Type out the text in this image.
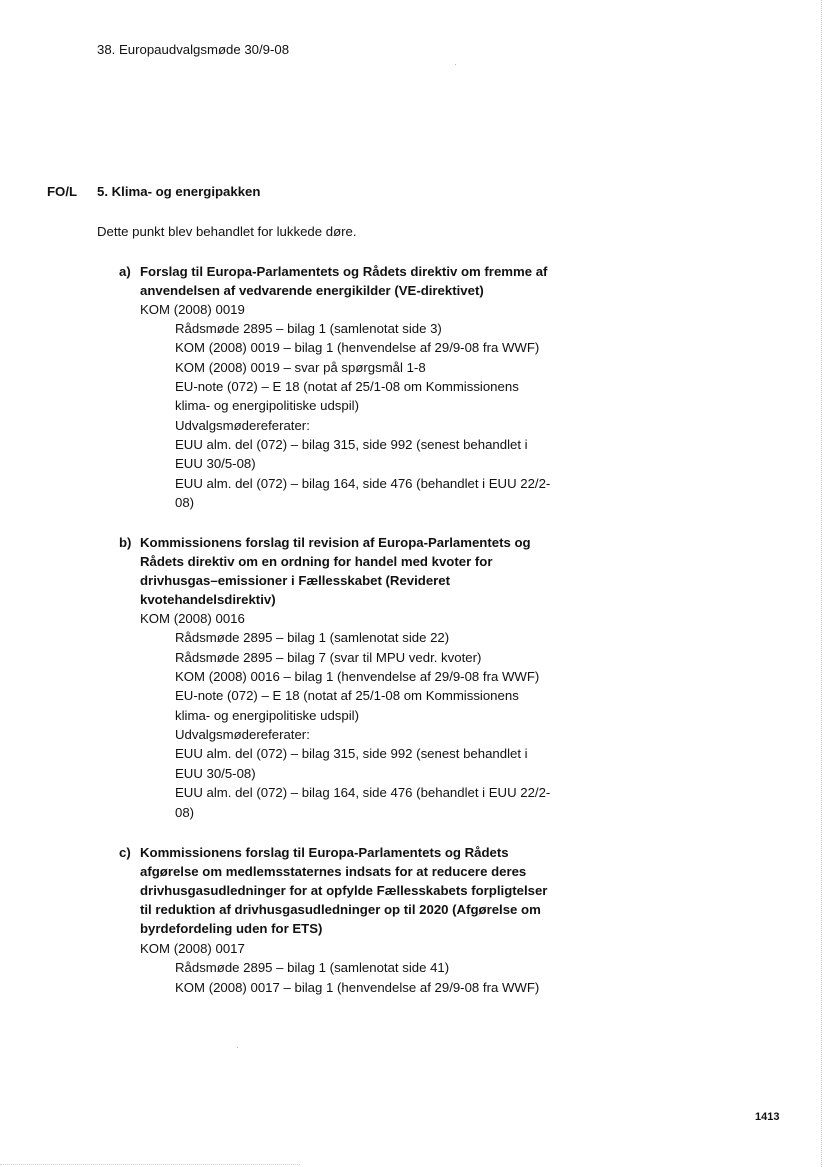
38. Europaudvalgsmøde 30/9-08
FO/L 5. Klima- og energipakken
Dette punkt blev behandlet for lukkede døre.
a) Forslag til Europa-Parlamentets og Rådets direktiv om fremme af
anvendelsen af vedvarende energikilder (VE-direktivet)
KOM (2008) 0019
Rådsmøde 2895 – bilag 1 (samlenotat side 3)
KOM (2008) 0019 – bilag 1 (henvendelse af 29/9-08 fra WWF)
KOM (2008) 0019 – svar på spørgsmål 1-8
EU-note (072) – E 18 (notat af 25/1-08 om Kommissionens
klima- og energipolitiske udspil)
Udvalgsmødereferater:
EUU alm. del (072) – bilag 315, side 992 (senest behandlet i
EUU 30/5-08)
EUU alm. del (072) – bilag 164, side 476 (behandlet i EUU 22/2-
08)
b) Kommissionens forslag til revision af Europa-Parlamentets og
Rådets direktiv om en ordning for handel med kvoter for
drivhusgas–emissioner i Fællesskabet (Revideret
kvotehandelsdirektiv)
KOM (2008) 0016
Rådsmøde 2895 – bilag 1 (samlenotat side 22)
Rådsmøde 2895 – bilag 7 (svar til MPU vedr. kvoter)
KOM (2008) 0016 – bilag 1 (henvendelse af 29/9-08 fra WWF)
EU-note (072) – E 18 (notat af 25/1-08 om Kommissionens
klima- og energipolitiske udspil)
Udvalgsmødereferater:
EUU alm. del (072) – bilag 315, side 992 (senest behandlet i
EUU 30/5-08)
EUU alm. del (072) – bilag 164, side 476 (behandlet i EUU 22/2-
08)
c) Kommissionens forslag til Europa-Parlamentets og Rådets
afgørelse om medlemsstaternes indsats for at reducere deres
drivhusgasudledninger for at opfylde Fællesskabets forpligtelser
til reduktion af drivhusgasudledninger op til 2020 (Afgørelse om
byrdefordeling uden for ETS)
KOM (2008) 0017
Rådsmøde 2895 – bilag 1 (samlenotat side 41)
KOM (2008) 0017 – bilag 1 (henvendelse af 29/9-08 fra WWF)
1413
